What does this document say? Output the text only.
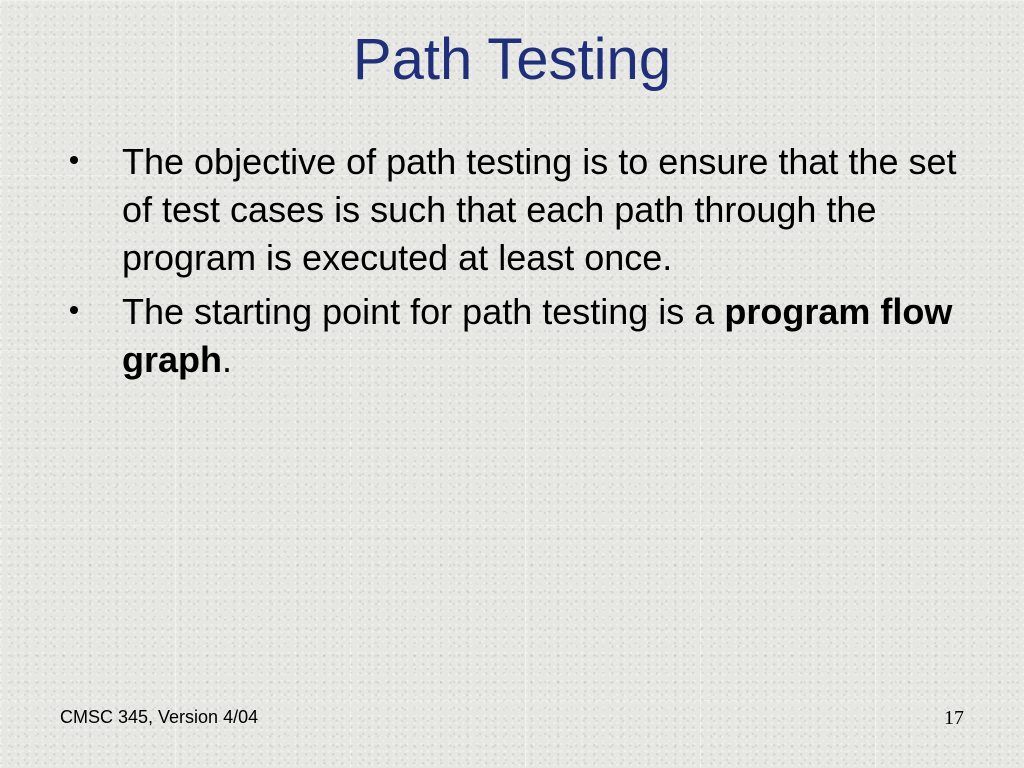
Path Testing
The objective of path testing is to ensure that the set of test cases is such that each path through the program is executed at least once.
The starting point for path testing is a program flow graph.
CMSC 345, Version 4/04	17
